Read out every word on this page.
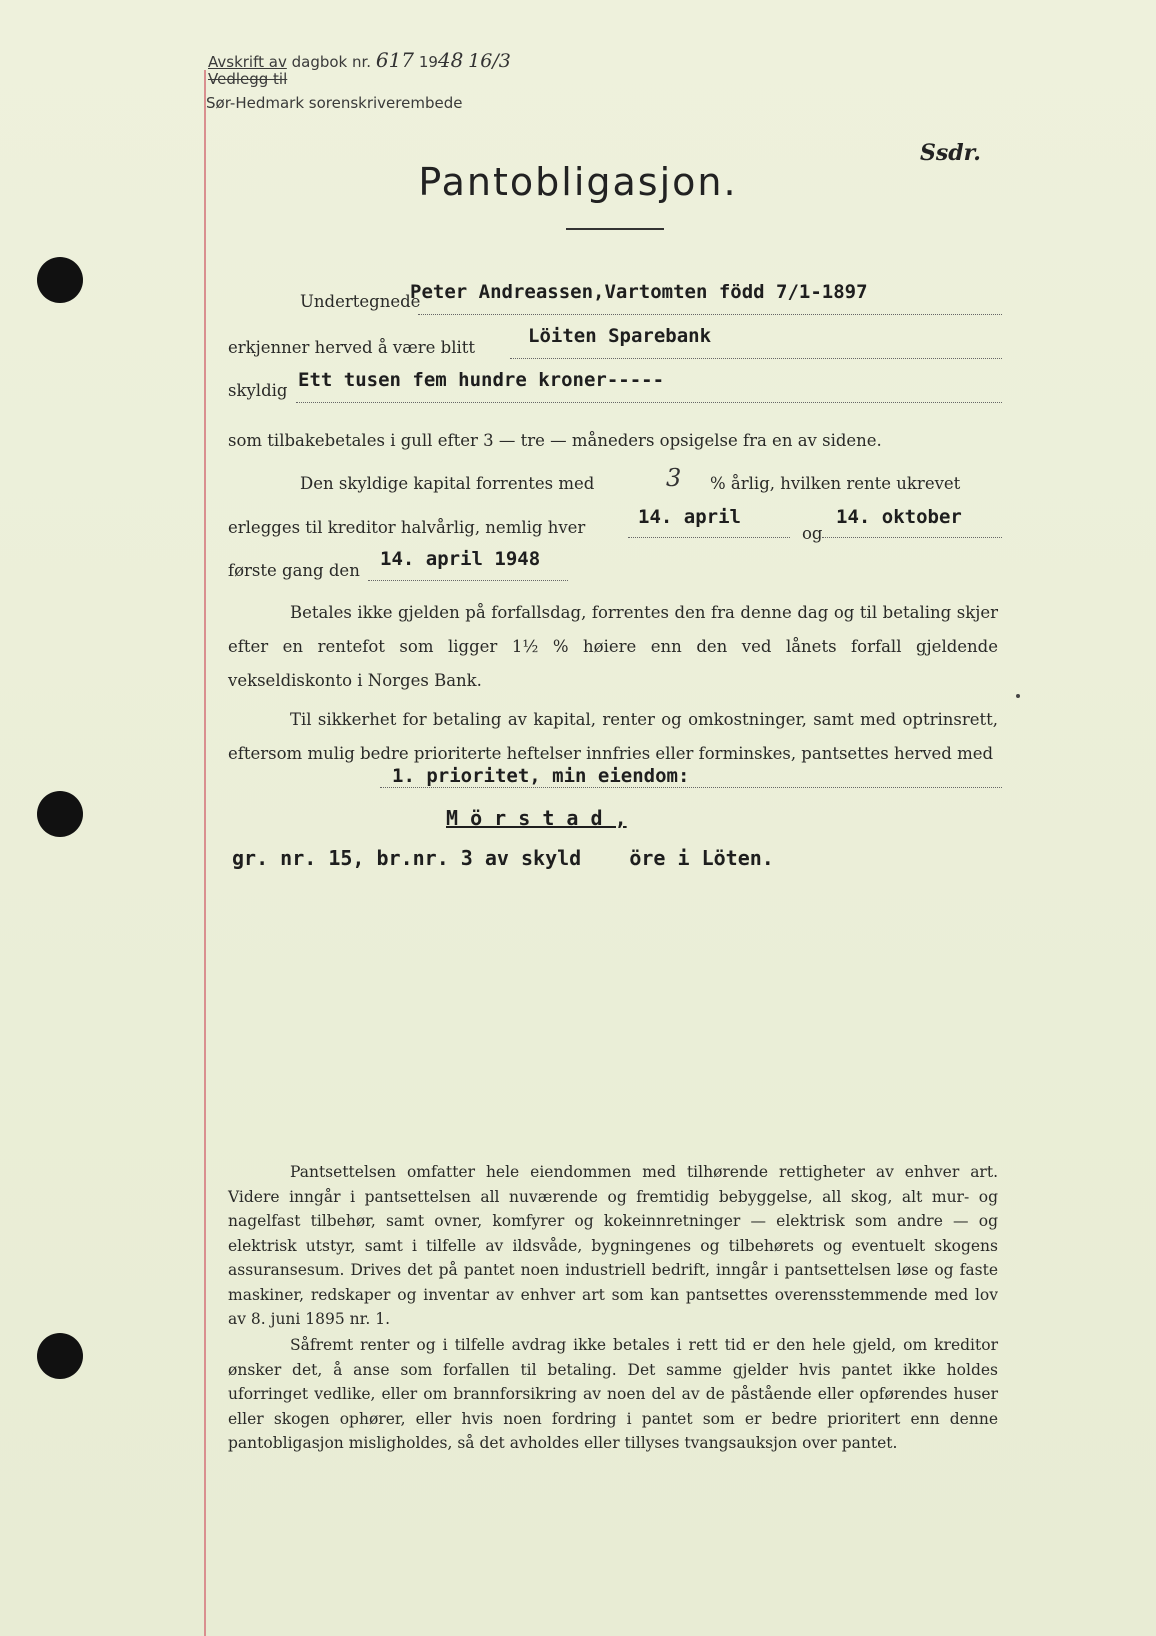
Avskrift av dagbok nr. 617 1948 16/3
Vedlegg til
Sør-Hedmark sorenskriverembede
Ssdr.
Pantobligasjon.
Undertegnede
Peter Andreassen,Vartomten född 7/1-1897
erkjenner herved å være blitt
Löiten Sparebank
skyldig Ett tusen fem hundre kroner-----
som tilbakebetales i gull efter 3 — tre — måneders opsigelse fra en av sidene.
Den skyldige kapital forrentes med	3 % årlig, hvilken rente ukrevet
erlegges til kreditor halvårlig, nemlig hver	14. april
og
14. oktober
første gang den
14. april 1948
Betales ikke gjelden på forfallsdag, forrentes den fra denne dag og til betaling skjer efter en rentefot som ligger 1½ % høiere enn den ved lånets forfall gjeldende vekseldiskonto i Norges Bank.
Til sikkerhet for betaling av kapital, renter og omkostninger, samt med optrinsrett, eftersom mulig bedre prioriterte heftelser innfries eller forminskes, pantsettes herved med
1. prioritet, min eiendom:
M ö r s t a d ,
gr. nr. 15, br.nr. 3 av skyld    öre i Löten.
Pantsettelsen omfatter hele eiendommen med tilhørende rettigheter av enhver art. Videre inngår i pantsettelsen all nuværende og fremtidig bebyggelse, all skog, alt mur- og nagelfast tilbehør, samt ovner, komfyrer og kokeinnretninger — elektrisk som andre — og elektrisk utstyr, samt i tilfelle av ildsvåde, bygningenes og tilbehørets og eventuelt skogens assuransesum. Drives det på pantet noen industriell bedrift, inngår i pantsettelsen løse og faste maskiner, redskaper og inventar av enhver art som kan pantsettes overensstemmende med lov av 8. juni 1895 nr. 1.
Såfremt renter og i tilfelle avdrag ikke betales i rett tid er den hele gjeld, om kreditor ønsker det, å anse som forfallen til betaling. Det samme gjelder hvis pantet ikke holdes uforringet vedlike, eller om brannforsikring av noen del av de påstående eller opførendes huser eller skogen ophører, eller hvis noen fordring i pantet som er bedre prioritert enn denne pantobligasjon misligholdes, så det avholdes eller tillyses tvangsauksjon over pantet.
